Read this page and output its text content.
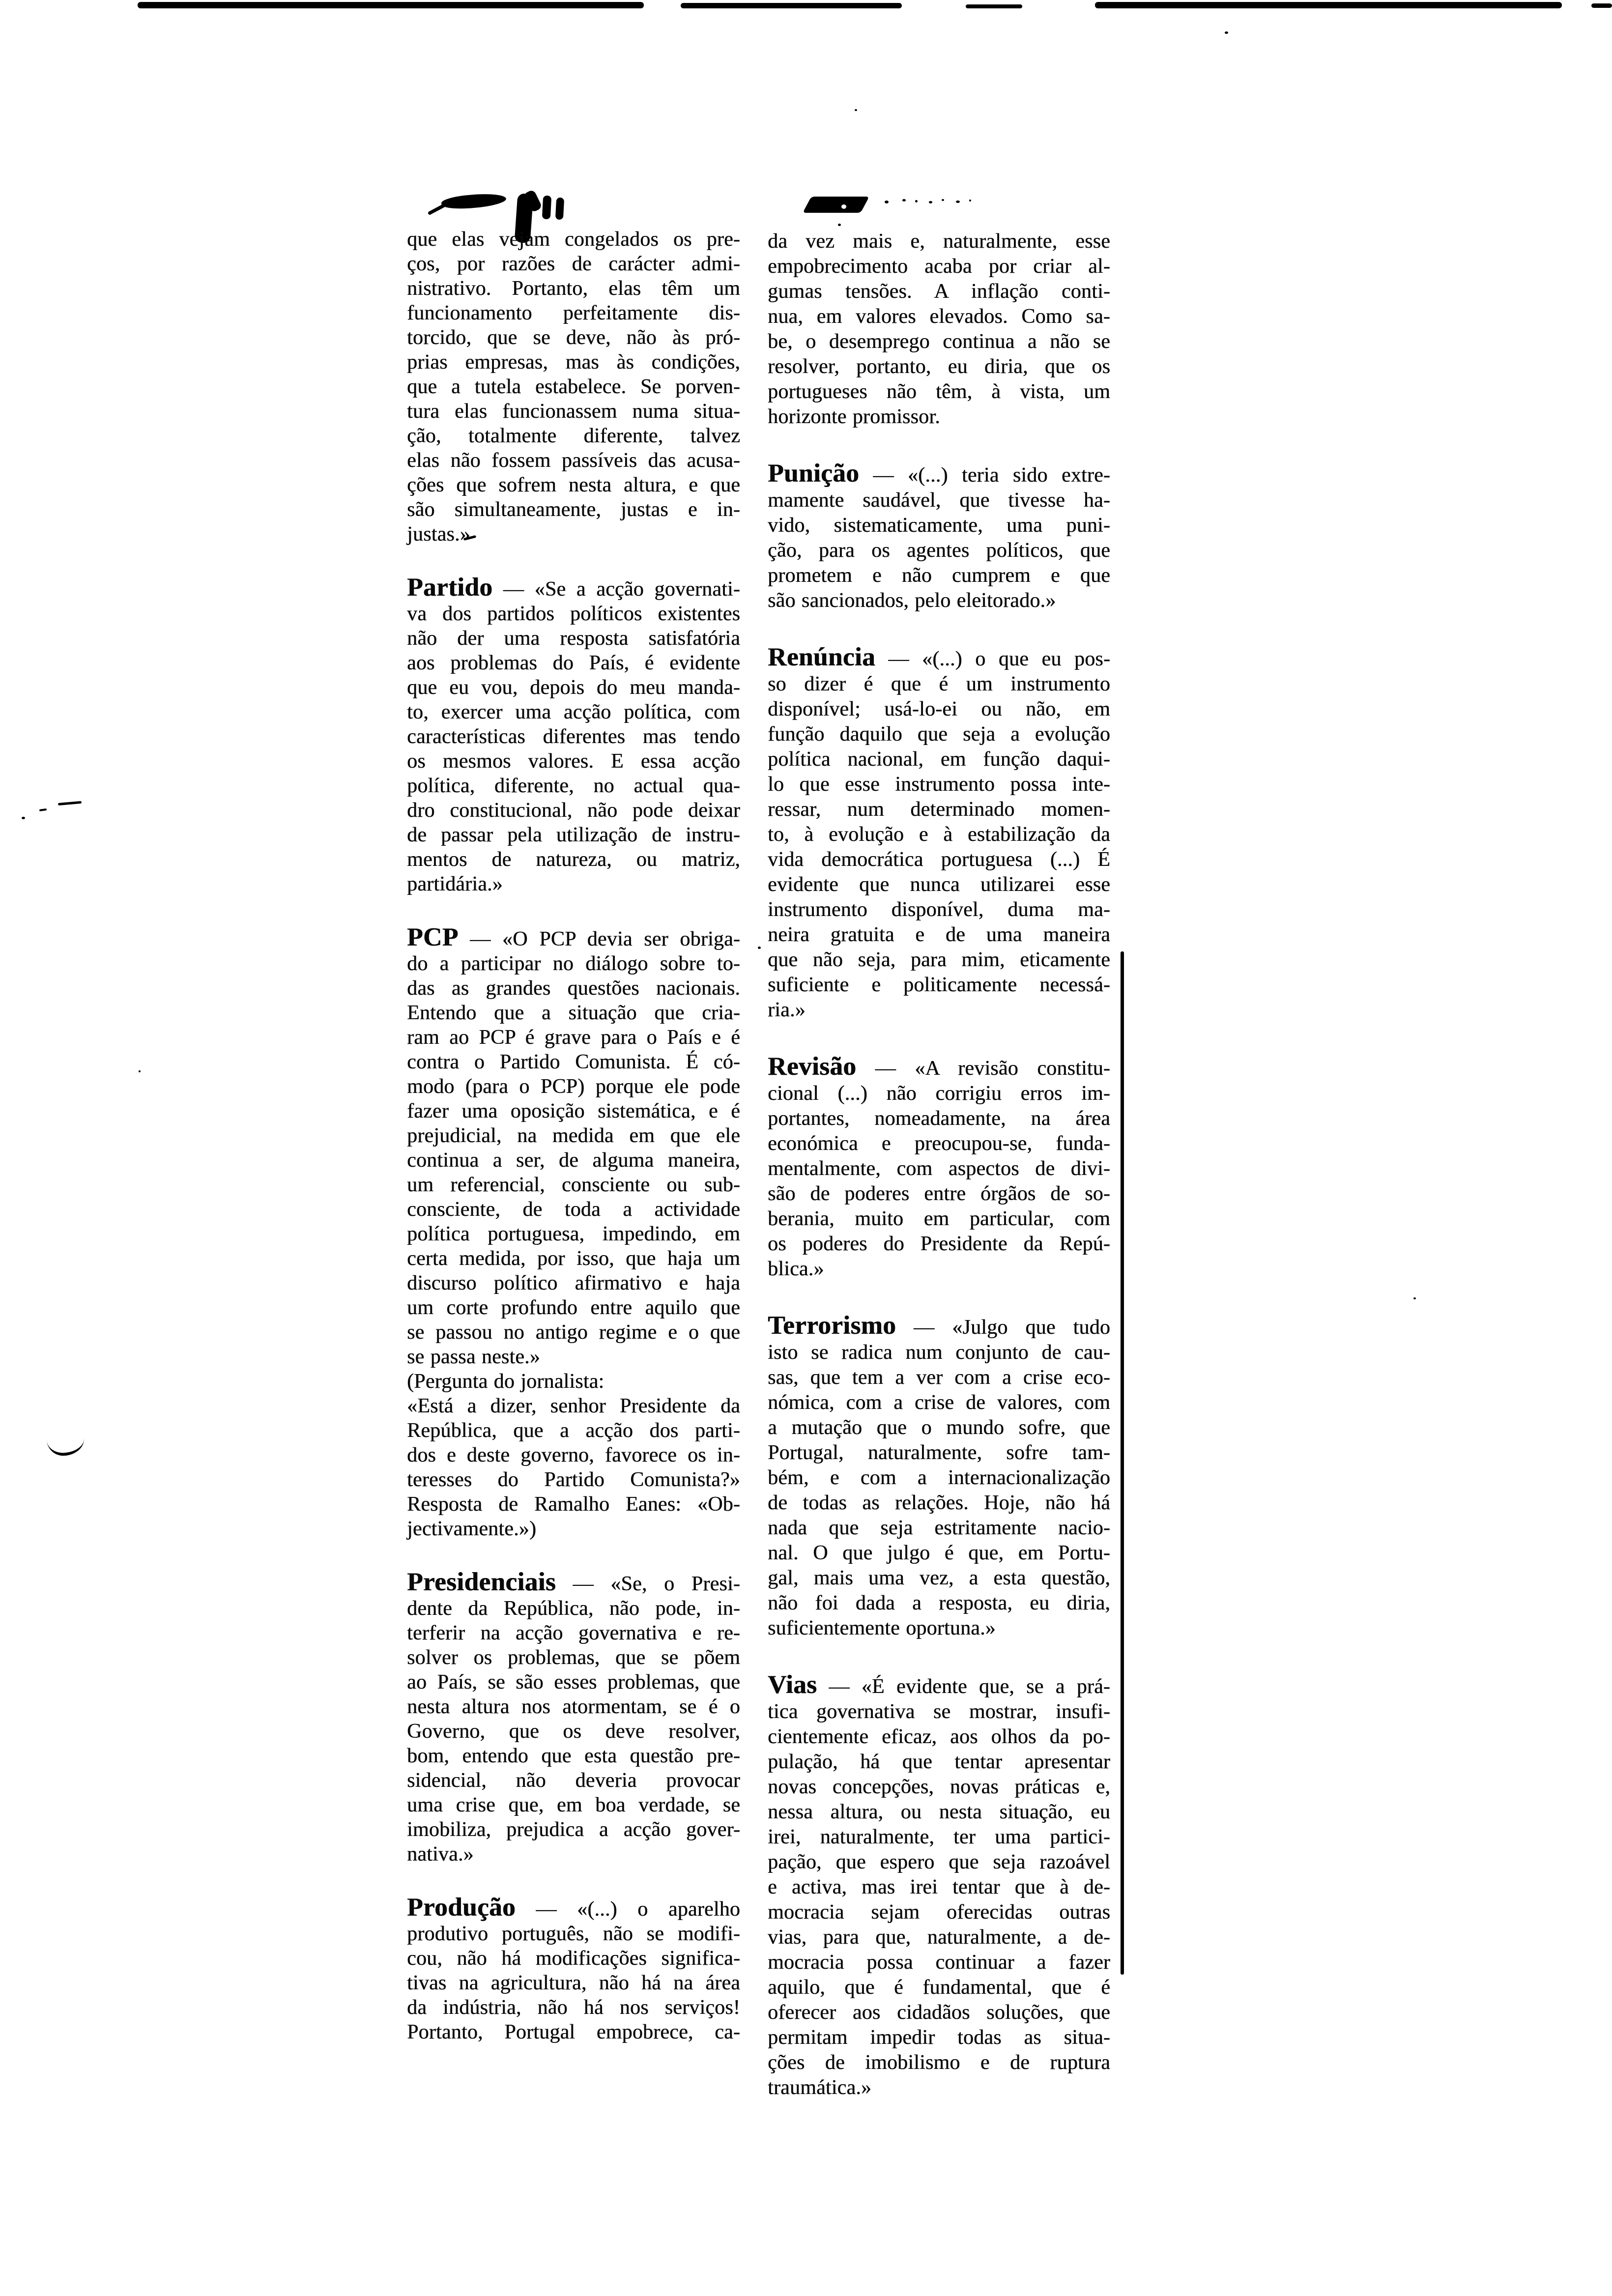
que elas vejam congelados os pre-
ços, por razões de carácter admi-
nistrativo. Portanto, elas têm um
funcionamento perfeitamente dis-
torcido, que se deve, não às pró-
prias empresas, mas às condições,
que a tutela estabelece. Se porven-
tura elas funcionassem numa situa-
ção, totalmente diferente, talvez
elas não fossem passíveis das acusa-
ções que sofrem nesta altura, e que
são simultaneamente, justas e in-
justas.»
Partido — «Se a acção governati-
va dos partidos políticos existentes
não der uma resposta satisfatória
aos problemas do País, é evidente
que eu vou, depois do meu manda-
to, exercer uma acção política, com
características diferentes mas tendo
os mesmos valores. E essa acção
política, diferente, no actual qua-
dro constitucional, não pode deixar
de passar pela utilização de instru-
mentos de natureza, ou matriz,
partidária.»
PCP — «O PCP devia ser obriga-
do a participar no diálogo sobre to-
das as grandes questões nacionais.
Entendo que a situação que cria-
ram ao PCP é grave para o País e é
contra o Partido Comunista. É có-
modo (para o PCP) porque ele pode
fazer uma oposição sistemática, e é
prejudicial, na medida em que ele
continua a ser, de alguma maneira,
um referencial, consciente ou sub-
consciente, de toda a actividade
política portuguesa, impedindo, em
certa medida, por isso, que haja um
discurso político afirmativo e haja
um corte profundo entre aquilo que
se passou no antigo regime e o que
se passa neste.»
(Pergunta do jornalista:
«Está a dizer, senhor Presidente da
República, que a acção dos parti-
dos e deste governo, favorece os in-
teresses do Partido Comunista?»
Resposta de Ramalho Eanes: «Ob-
jectivamente.»)
Presidenciais — «Se, o Presi-
dente da República, não pode, in-
terferir na acção governativa e re-
solver os problemas, que se põem
ao País, se são esses problemas, que
nesta altura nos atormentam, se é o
Governo, que os deve resolver,
bom, entendo que esta questão pre-
sidencial, não deveria provocar
uma crise que, em boa verdade, se
imobiliza, prejudica a acção gover-
nativa.»
Produção — «(...) o aparelho
produtivo português, não se modifi-
cou, não há modificações significa-
tivas na agricultura, não há na área
da indústria, não há nos serviços!
Portanto, Portugal empobrece, ca-
da vez mais e, naturalmente, esse
empobrecimento acaba por criar al-
gumas tensões. A inflação conti-
nua, em valores elevados. Como sa-
be, o desemprego continua a não se
resolver, portanto, eu diria, que os
portugueses não têm, à vista, um
horizonte promissor.
Punição — «(...) teria sido extre-
mamente saudável, que tivesse ha-
vido, sistematicamente, uma puni-
ção, para os agentes políticos, que
prometem e não cumprem e que
são sancionados, pelo eleitorado.»
Renúncia — «(...) o que eu pos-
so dizer é que é um instrumento
disponível; usá-lo-ei ou não, em
função daquilo que seja a evolução
política nacional, em função daqui-
lo que esse instrumento possa inte-
ressar, num determinado momen-
to, à evolução e à estabilização da
vida democrática portuguesa (...) É
evidente que nunca utilizarei esse
instrumento disponível, duma ma-
neira gratuita e de uma maneira
que não seja, para mim, eticamente
suficiente e politicamente necessá-
ria.»
Revisão — «A revisão constitu-
cional (...) não corrigiu erros im-
portantes, nomeadamente, na área
económica e preocupou-se, funda-
mentalmente, com aspectos de divi-
são de poderes entre órgãos de so-
berania, muito em particular, com
os poderes do Presidente da Repú-
blica.»
Terrorismo — «Julgo que tudo
isto se radica num conjunto de cau-
sas, que tem a ver com a crise eco-
nómica, com a crise de valores, com
a mutação que o mundo sofre, que
Portugal, naturalmente, sofre tam-
bém, e com a internacionalização
de todas as relações. Hoje, não há
nada que seja estritamente nacio-
nal. O que julgo é que, em Portu-
gal, mais uma vez, a esta questão,
não foi dada a resposta, eu diria,
suficientemente oportuna.»
Vias — «É evidente que, se a prá-
tica governativa se mostrar, insufi-
cientemente eficaz, aos olhos da po-
pulação, há que tentar apresentar
novas concepções, novas práticas e,
nessa altura, ou nesta situação, eu
irei, naturalmente, ter uma partici-
pação, que espero que seja razoável
e activa, mas irei tentar que à de-
mocracia sejam oferecidas outras
vias, para que, naturalmente, a de-
mocracia possa continuar a fazer
aquilo, que é fundamental, que é
oferecer aos cidadãos soluções, que
permitam impedir todas as situa-
ções de imobilismo e de ruptura
traumática.»
